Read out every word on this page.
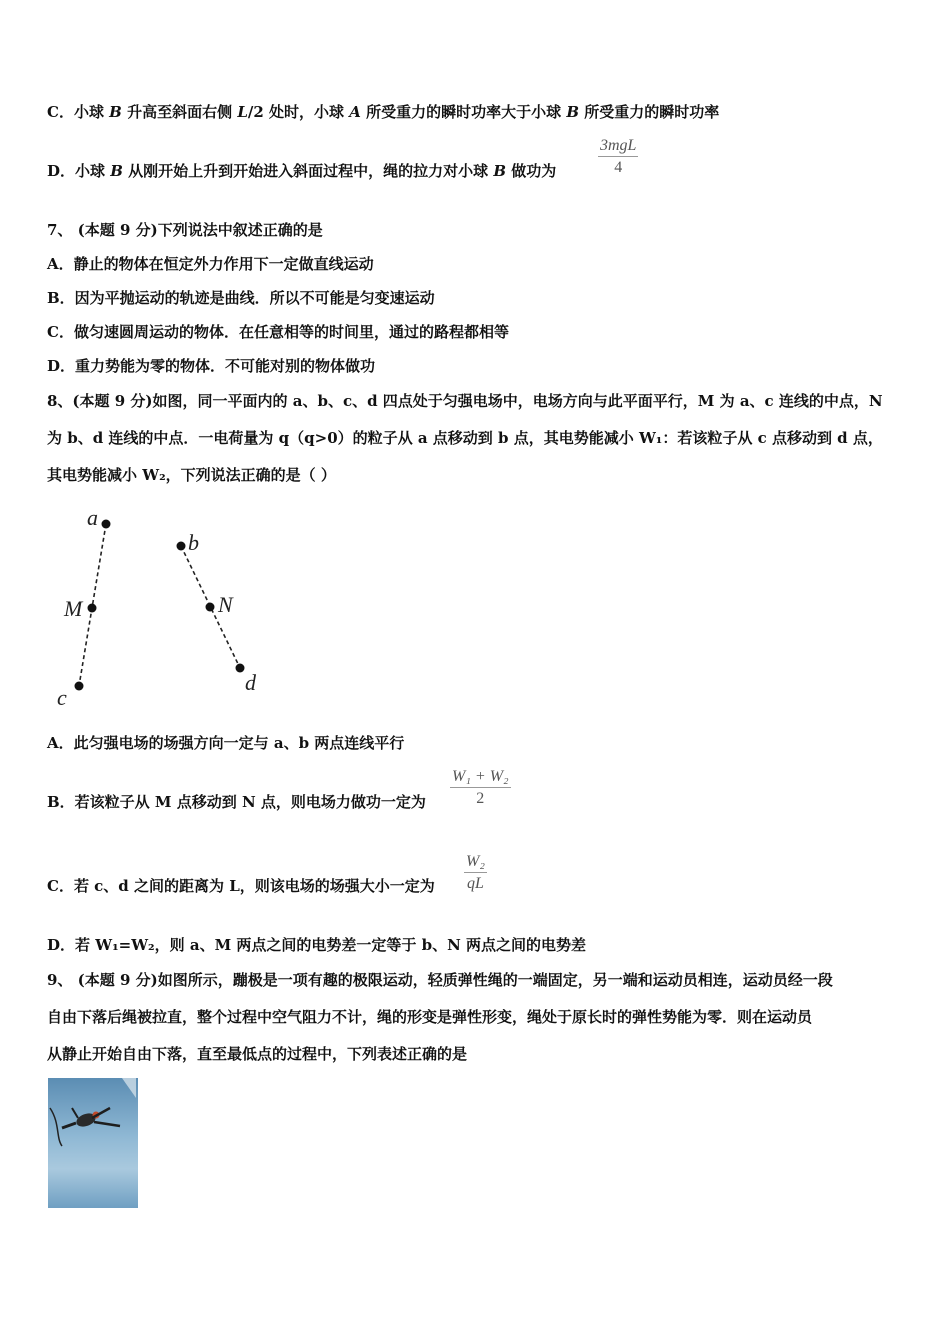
C．小球 B 升高至斜面右侧 L/2 处时，小球 A 所受重力的瞬时功率大于小球 B 所受重力的瞬时功率
D．小球 B 从刚开始上升到开始进入斜面过程中，绳的拉力对小球 B 做功为
3mgL
4
7、 (本题 9 分)下列说法中叙述正确的是
A．静止的物体在恒定外力作用下一定做直线运动
B．因为平抛运动的轨迹是曲线．所以不可能是匀变速运动
C．做匀速圆周运动的物体．在任意相等的时间里，通过的路程都相等
D．重力势能为零的物体．不可能对别的物体做功
8、(本题 9 分)如图，同一平面内的 a、b、c、d 四点处于匀强电场中，电场方向与此平面平行，M 为 a、c 连线的中点，N
为 b、d 连线的中点．一电荷量为 q（q>0）的粒子从 a 点移动到 b 点，其电势能减小 W₁：若该粒子从 c 点移动到 d 点，
其电势能减小 W₂，下列说法正确的是（ ）
a
M
c
b
N
d
A．此匀强电场的场强方向一定与 a、b 两点连线平行
B．若该粒子从 M 点移动到 N 点，则电场力做功一定为 $\frac{\text{W₁ + W₂}}{2}$
C．若 c、d 之间的距离为 L，则该电场的场强大小一定为 $\frac{\text{W₂}}{qL}$
D．若 W₁=W₂，则 a、M 两点之间的电势差一定等于 b、N 两点之间的电势差
9、 (本题 9 分)如图所示，蹦极是一项有趣的极限运动，轻质弹性绳的一端固定，另一端和运动员相连，运动员经一段
自由下落后绳被拉直，整个过程中空气阻力不计，绳的形变是弹性形变，绳处于原长时的弹性势能为零．则在运动员
从静止开始自由下落，直至最低点的过程中，下列表述正确的是
